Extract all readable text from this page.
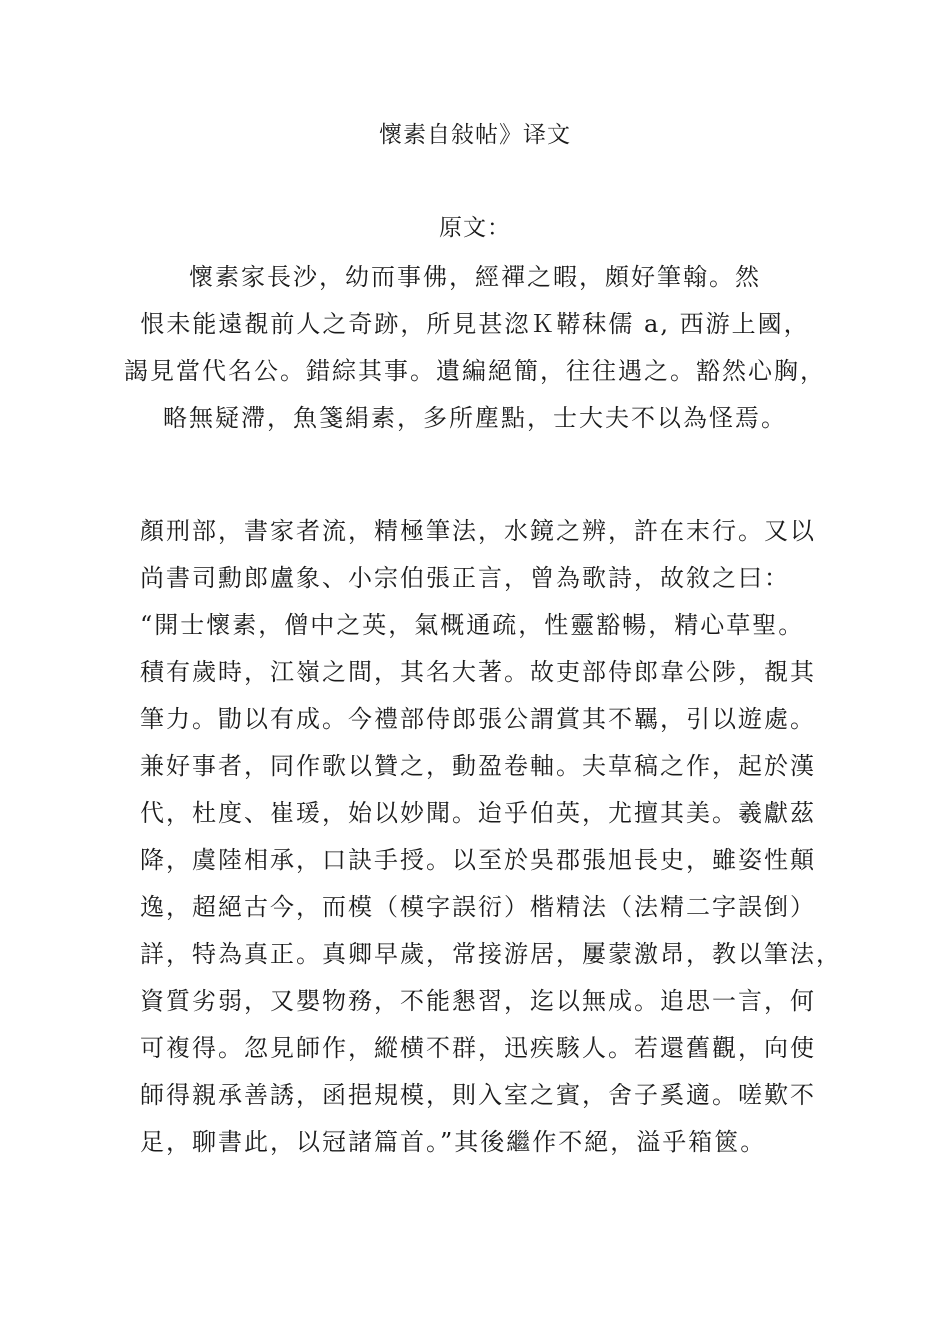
懷素自敍帖》译文
原文：
懷素家長沙，幼而事佛，經禪之暇，頗好筆翰。然
恨未能遠覩前人之奇跡，所見甚淴Ｋ鞯秣儒 a, 西游上國，
謁見當代名公。錯綜其事。遺編絕簡，往往遇之。豁然心胸，
略無疑滯，魚箋絹素，多所塵點，士大夫不以為怪焉。
顏刑部，書家者流，精極筆法，水鏡之辨，許在末行。又以
尚書司勳郎盧象、小宗伯張正言，曾為歌詩，故敘之曰：
“開士懷素，僧中之英，氣概通疏，性靈豁暢，精心草聖。
積有歲時，江嶺之間，其名大著。故吏部侍郎韋公陟，覩其
筆力。勖以有成。今禮部侍郎張公謂賞其不羈，引以遊處。
兼好事者，同作歌以贊之，動盈卷軸。夫草稿之作，起於漢
代，杜度、崔瑗，始以妙聞。迨乎伯英，尤擅其美。羲獻茲
降，虞陸相承，口訣手授。以至於吳郡張旭長史，雖姿性顛
逸，超絕古今，而模（模字誤衍）楷精法（法精二字誤倒）
詳，特為真正。真卿早歲，常接游居，屢蒙激昂，教以筆法，
資質劣弱，又嬰物務，不能懇習，迄以無成。追思一言，何
可複得。忽見師作，縱横不群，迅疾駭人。若還舊觀，向使
師得親承善誘，函挹規模，則入室之賓，舍子奚適。嗟歎不
足，聊書此，以冠諸篇首。”其後繼作不絕，溢乎箱篋。
